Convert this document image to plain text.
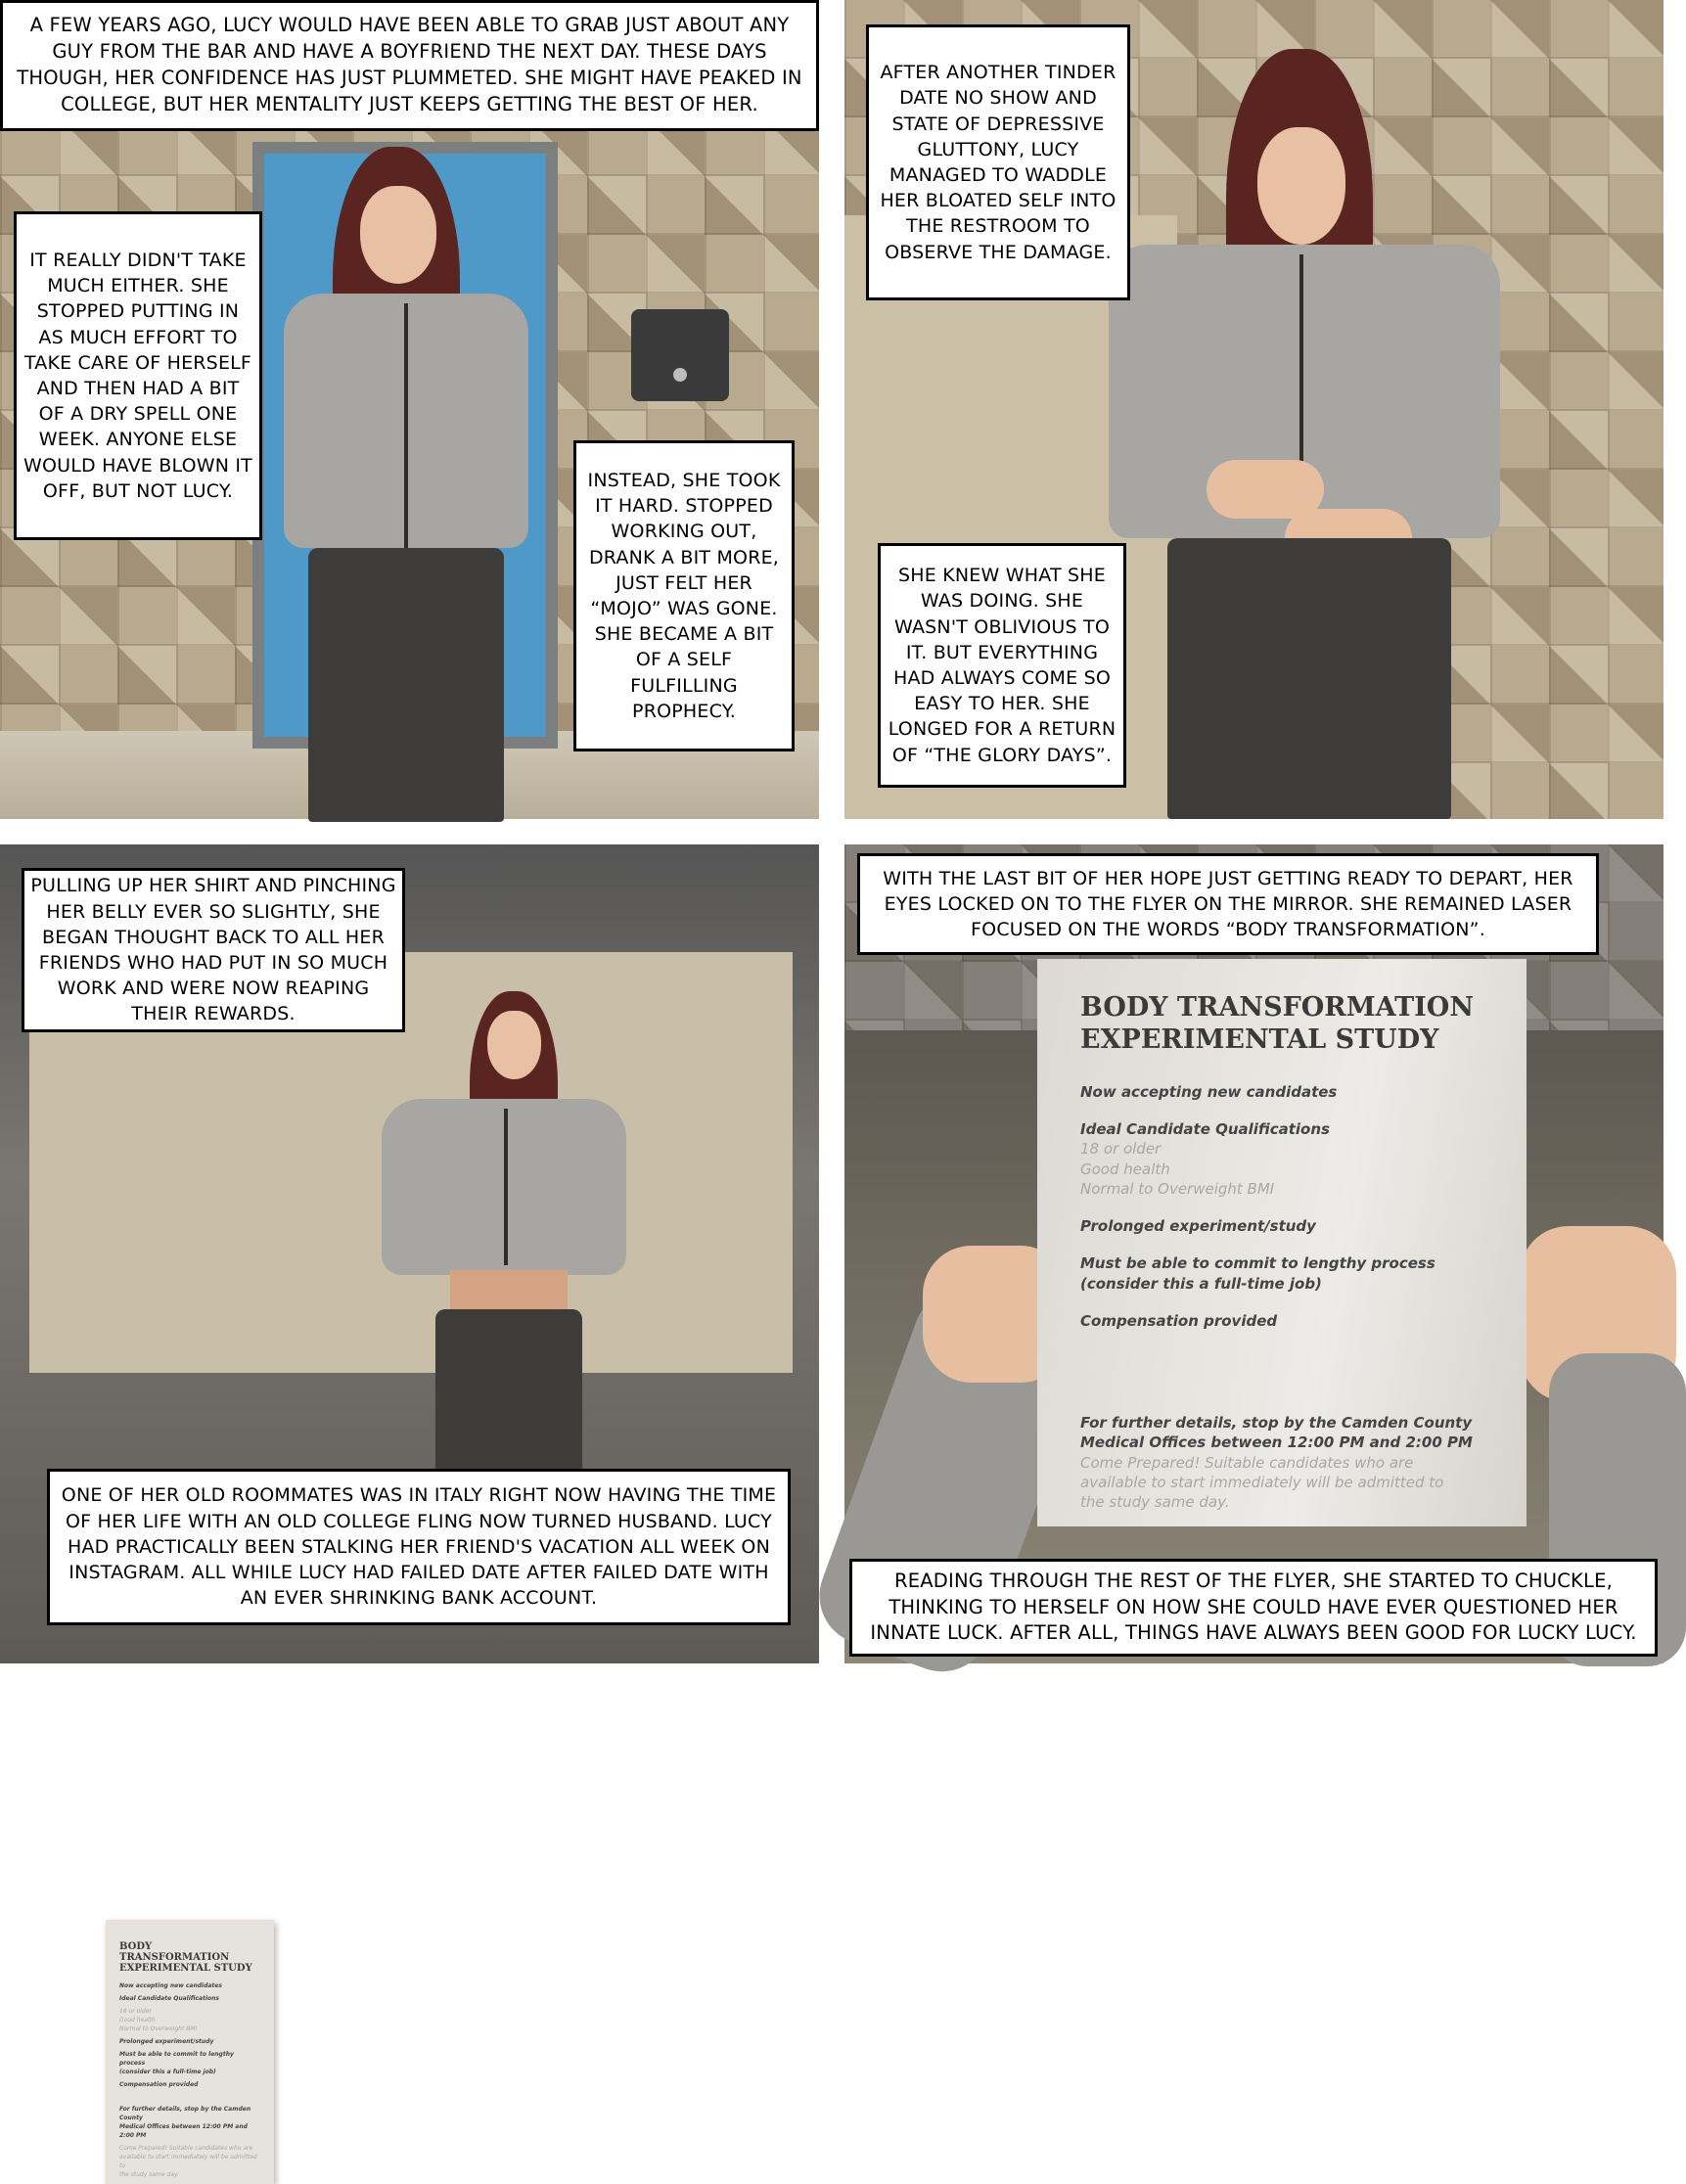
A FEW YEARS AGO, LUCY WOULD HAVE BEEN ABLE TO GRAB JUST ABOUT ANY GUY FROM THE BAR AND HAVE A BOYFRIEND THE NEXT DAY. THESE DAYS THOUGH, HER CONFIDENCE HAS JUST PLUMMETED. SHE MIGHT HAVE PEAKED IN COLLEGE, BUT HER MENTALITY JUST KEEPS GETTING THE BEST OF HER.
IT REALLY DIDN'T TAKE MUCH EITHER. SHE STOPPED PUTTING IN AS MUCH EFFORT TO TAKE CARE OF HERSELF AND THEN HAD A BIT OF A DRY SPELL ONE WEEK. ANYONE ELSE WOULD HAVE BLOWN IT OFF, BUT NOT LUCY.	INSTEAD, SHE TOOK IT HARD. STOPPED WORKING OUT, DRANK A BIT MORE, JUST FELT HER “MOJO” WAS GONE. SHE BECAME A BIT OF A SELF FULFILLING PROPHECY.
AFTER ANOTHER TINDER DATE NO SHOW AND STATE OF DEPRESSIVE GLUTTONY, LUCY MANAGED TO WADDLE HER BLOATED SELF INTO THE RESTROOM TO OBSERVE THE DAMAGE.
SHE KNEW WHAT SHE WAS DOING. SHE WASN'T OBLIVIOUS TO IT. BUT EVERYTHING HAD ALWAYS COME SO EASY TO HER. SHE LONGED FOR A RETURN OF “THE GLORY DAYS”.
BODY TRANSFORMATION
EXPERIMENTAL STUDY
Now accepting new candidates
Ideal Candidate Qualifications
18 or older
Good health
Normal to Overweight BMI
Prolonged experiment/study
Must be able to commit to lengthy process
(consider this a full-time job)
Compensation provided
For further details, stop by the Camden County
Medical Offices between 12:00 PM and 2:00 PM
Come Prepared! Suitable candidates who are
available to start immediately will be admitted to
the study same day.
PULLING UP HER SHIRT AND PINCHING HER BELLY EVER SO SLIGHTLY, SHE BEGAN THOUGHT BACK TO ALL HER FRIENDS WHO HAD PUT IN SO MUCH WORK AND WERE NOW REAPING THEIR REWARDS.
ONE OF HER OLD ROOMMATES WAS IN ITALY RIGHT NOW HAVING THE TIME OF HER LIFE WITH AN OLD COLLEGE FLING NOW TURNED HUSBAND. LUCY HAD PRACTICALLY BEEN STALKING HER FRIEND'S VACATION ALL WEEK ON INSTAGRAM. ALL WHILE LUCY HAD FAILED DATE AFTER FAILED DATE WITH AN EVER SHRINKING BANK ACCOUNT.
BODY TRANSFORMATION
EXPERIMENTAL STUDY
Now accepting new candidates
Ideal Candidate Qualifications
18 or older
Good health
Normal to Overweight BMI
Prolonged experiment/study
Must be able to commit to lengthy process
(consider this a full-time job)
Compensation provided
For further details, stop by the Camden County
Medical Offices between 12:00 PM and 2:00 PM
Come Prepared! Suitable candidates who are
available to start immediately will be admitted to
the study same day.
WITH THE LAST BIT OF HER HOPE JUST GETTING READY TO DEPART, HER EYES LOCKED ON TO THE FLYER ON THE MIRROR. SHE REMAINED LASER FOCUSED ON THE WORDS “BODY TRANSFORMATION”.
READING THROUGH THE REST OF THE FLYER, SHE STARTED TO CHUCKLE, THINKING TO HERSELF ON HOW SHE COULD HAVE EVER QUESTIONED HER INNATE LUCK. AFTER ALL, THINGS HAVE ALWAYS BEEN GOOD FOR LUCKY LUCY.
